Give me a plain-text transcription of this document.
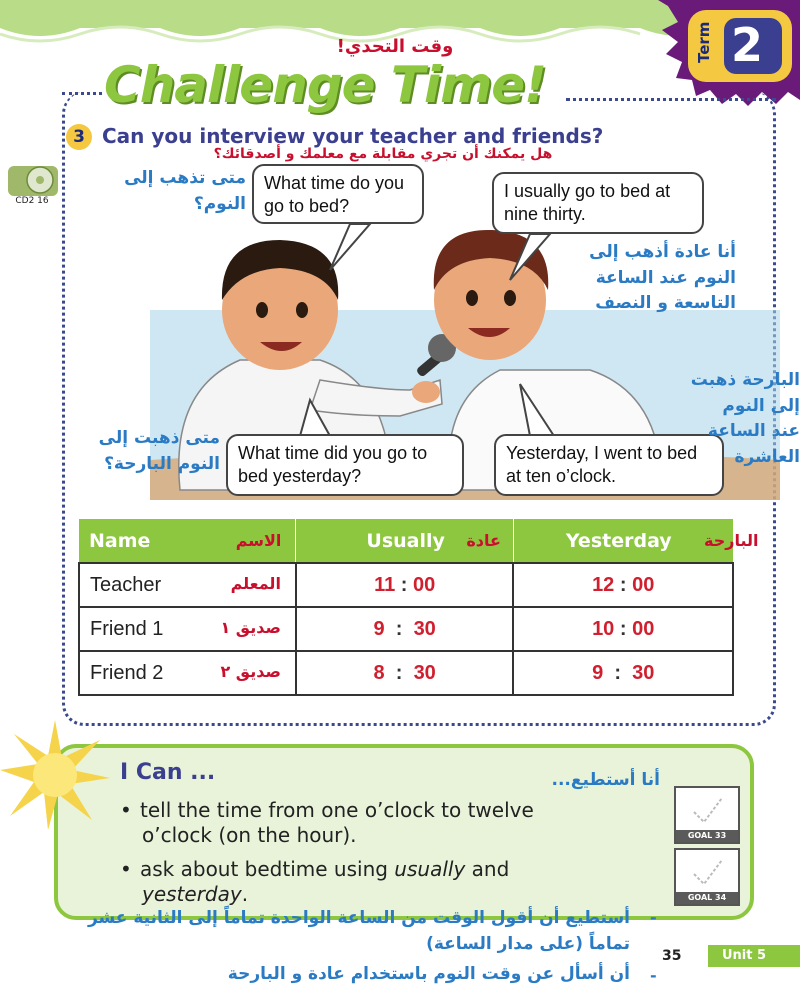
Term 2
وقت التحدي!
Challenge Time!
Can you interview your teacher and friends?
3
هل يمكنك أن تجري مقابلة مع معلمك و أصدقائك؟
CD2 16
What time do you go to bed?
I usually go to bed at nine thirty.
What time did you go to bed yesterday?
Yesterday, I went to bed at ten o’clock.
متى تذهب إلى النوم؟
أنا عادة أذهب إلى النوم عند الساعة التاسعة و النصف
البارحة ذهبت إلى النوم عند الساعة العاشرة
متى ذهبت إلى النوم البارحة؟
Name الاسم	Usually عادة	Yesterday البارحة

Teacher المعلم	11 : 00	12 : 00
Friend 1 صديق ١	9 : 30	10 : 00
Friend 2 صديق ٢	8 : 30	9 : 30
I Can ...	أنا أستطيع...
• tell the time from one o’clock to twelve
o’clock (on the hour).
• ask about bedtime using usually and
yesterday.
GOAL 33
GOAL 34
أستطيع أن أقول الوقت من الساعة الواحدة تماماً إلى الثانية عشر تماماً (على مدار الساعة)
أن أسأل عن وقت النوم باستخدام عادة و البارحة
-
-
35	Unit 5
